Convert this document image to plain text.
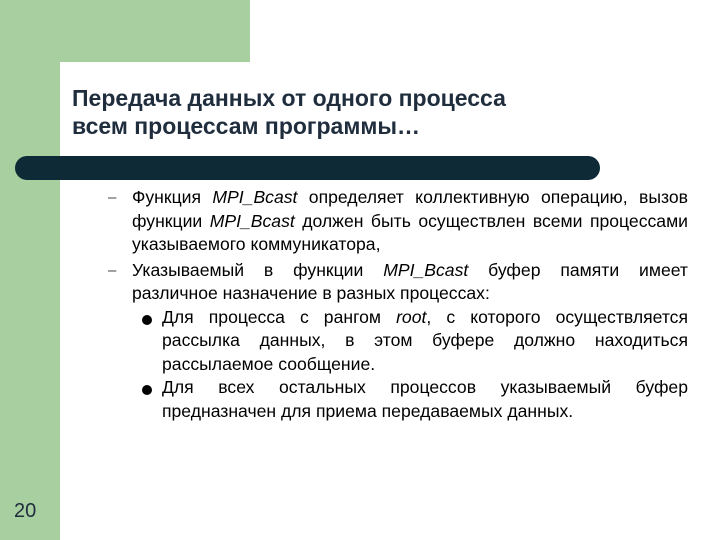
Передача данных от одного процесса
всем процессам программы…
– Функция MPI_Bcast определяет коллективную операцию, вызов функции MPI_Bcast должен быть осуществлен всеми процессами указываемого коммуникатора,
– Указываемый в функции MPI_Bcast буфер памяти имеет различное назначение в разных процессах:
Для процесса с рангом root, с которого осуществляется рассылка данных, в этом буфере должно находиться рассылаемое сообщение.
Для всех остальных процессов указываемый буфер предназначен для приема передаваемых данных.
20
